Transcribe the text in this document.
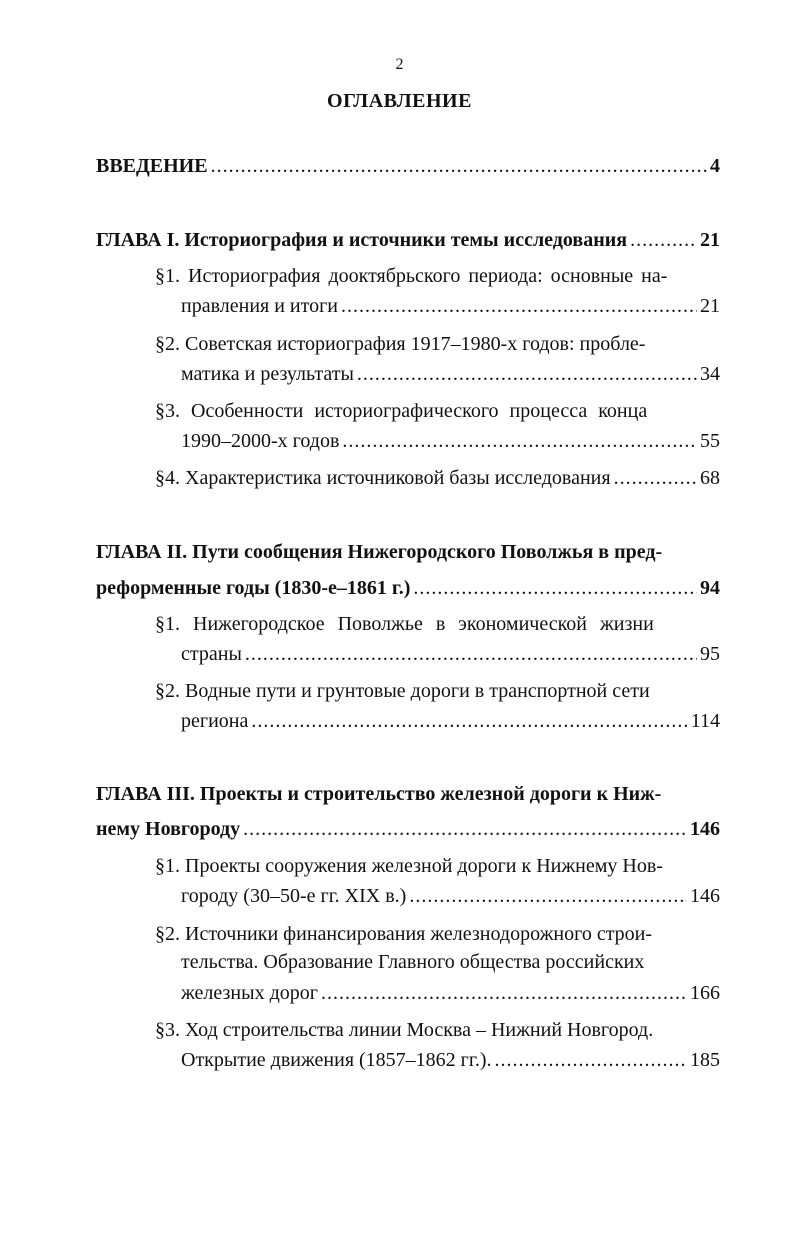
2
ОГЛАВЛЕНИЕ
ВВЕДЕНИЕ .....	4
ГЛАВА I. Историография и источники темы исследования .....	21
§1. Историография дооктябрьского периода: основные на-
правления и итоги .....	21
§2. Советская историография 1917–1980-х годов: пробле-
матика и результаты .....	34
§3. Особенности историографического процесса конца
1990–2000-х годов .....	55
§4. Характеристика источниковой базы исследования .....	68
ГЛАВА II. Пути сообщения Нижегородского Поволжья в пред-
реформенные годы (1830-е–1861 г.) .....	94
§1. Нижегородское Поволжье в экономической жизни
страны .....	95
§2. Водные пути и грунтовые дороги в транспортной сети
региона .....	114
ГЛАВА III. Проекты и строительство железной дороги к Ниж-
нему Новгороду .....	146
§1. Проекты сооружения железной дороги к Нижнему Нов-
городу (30–50-е гг. XIX в.) .....	146
§2. Источники финансирования железнодорожного строи-
тельства. Образование Главного общества российских
железных дорог .....	166
§3. Ход строительства линии Москва – Нижний Новгород.
Открытие движения (1857–1862 гг.). .....	185
